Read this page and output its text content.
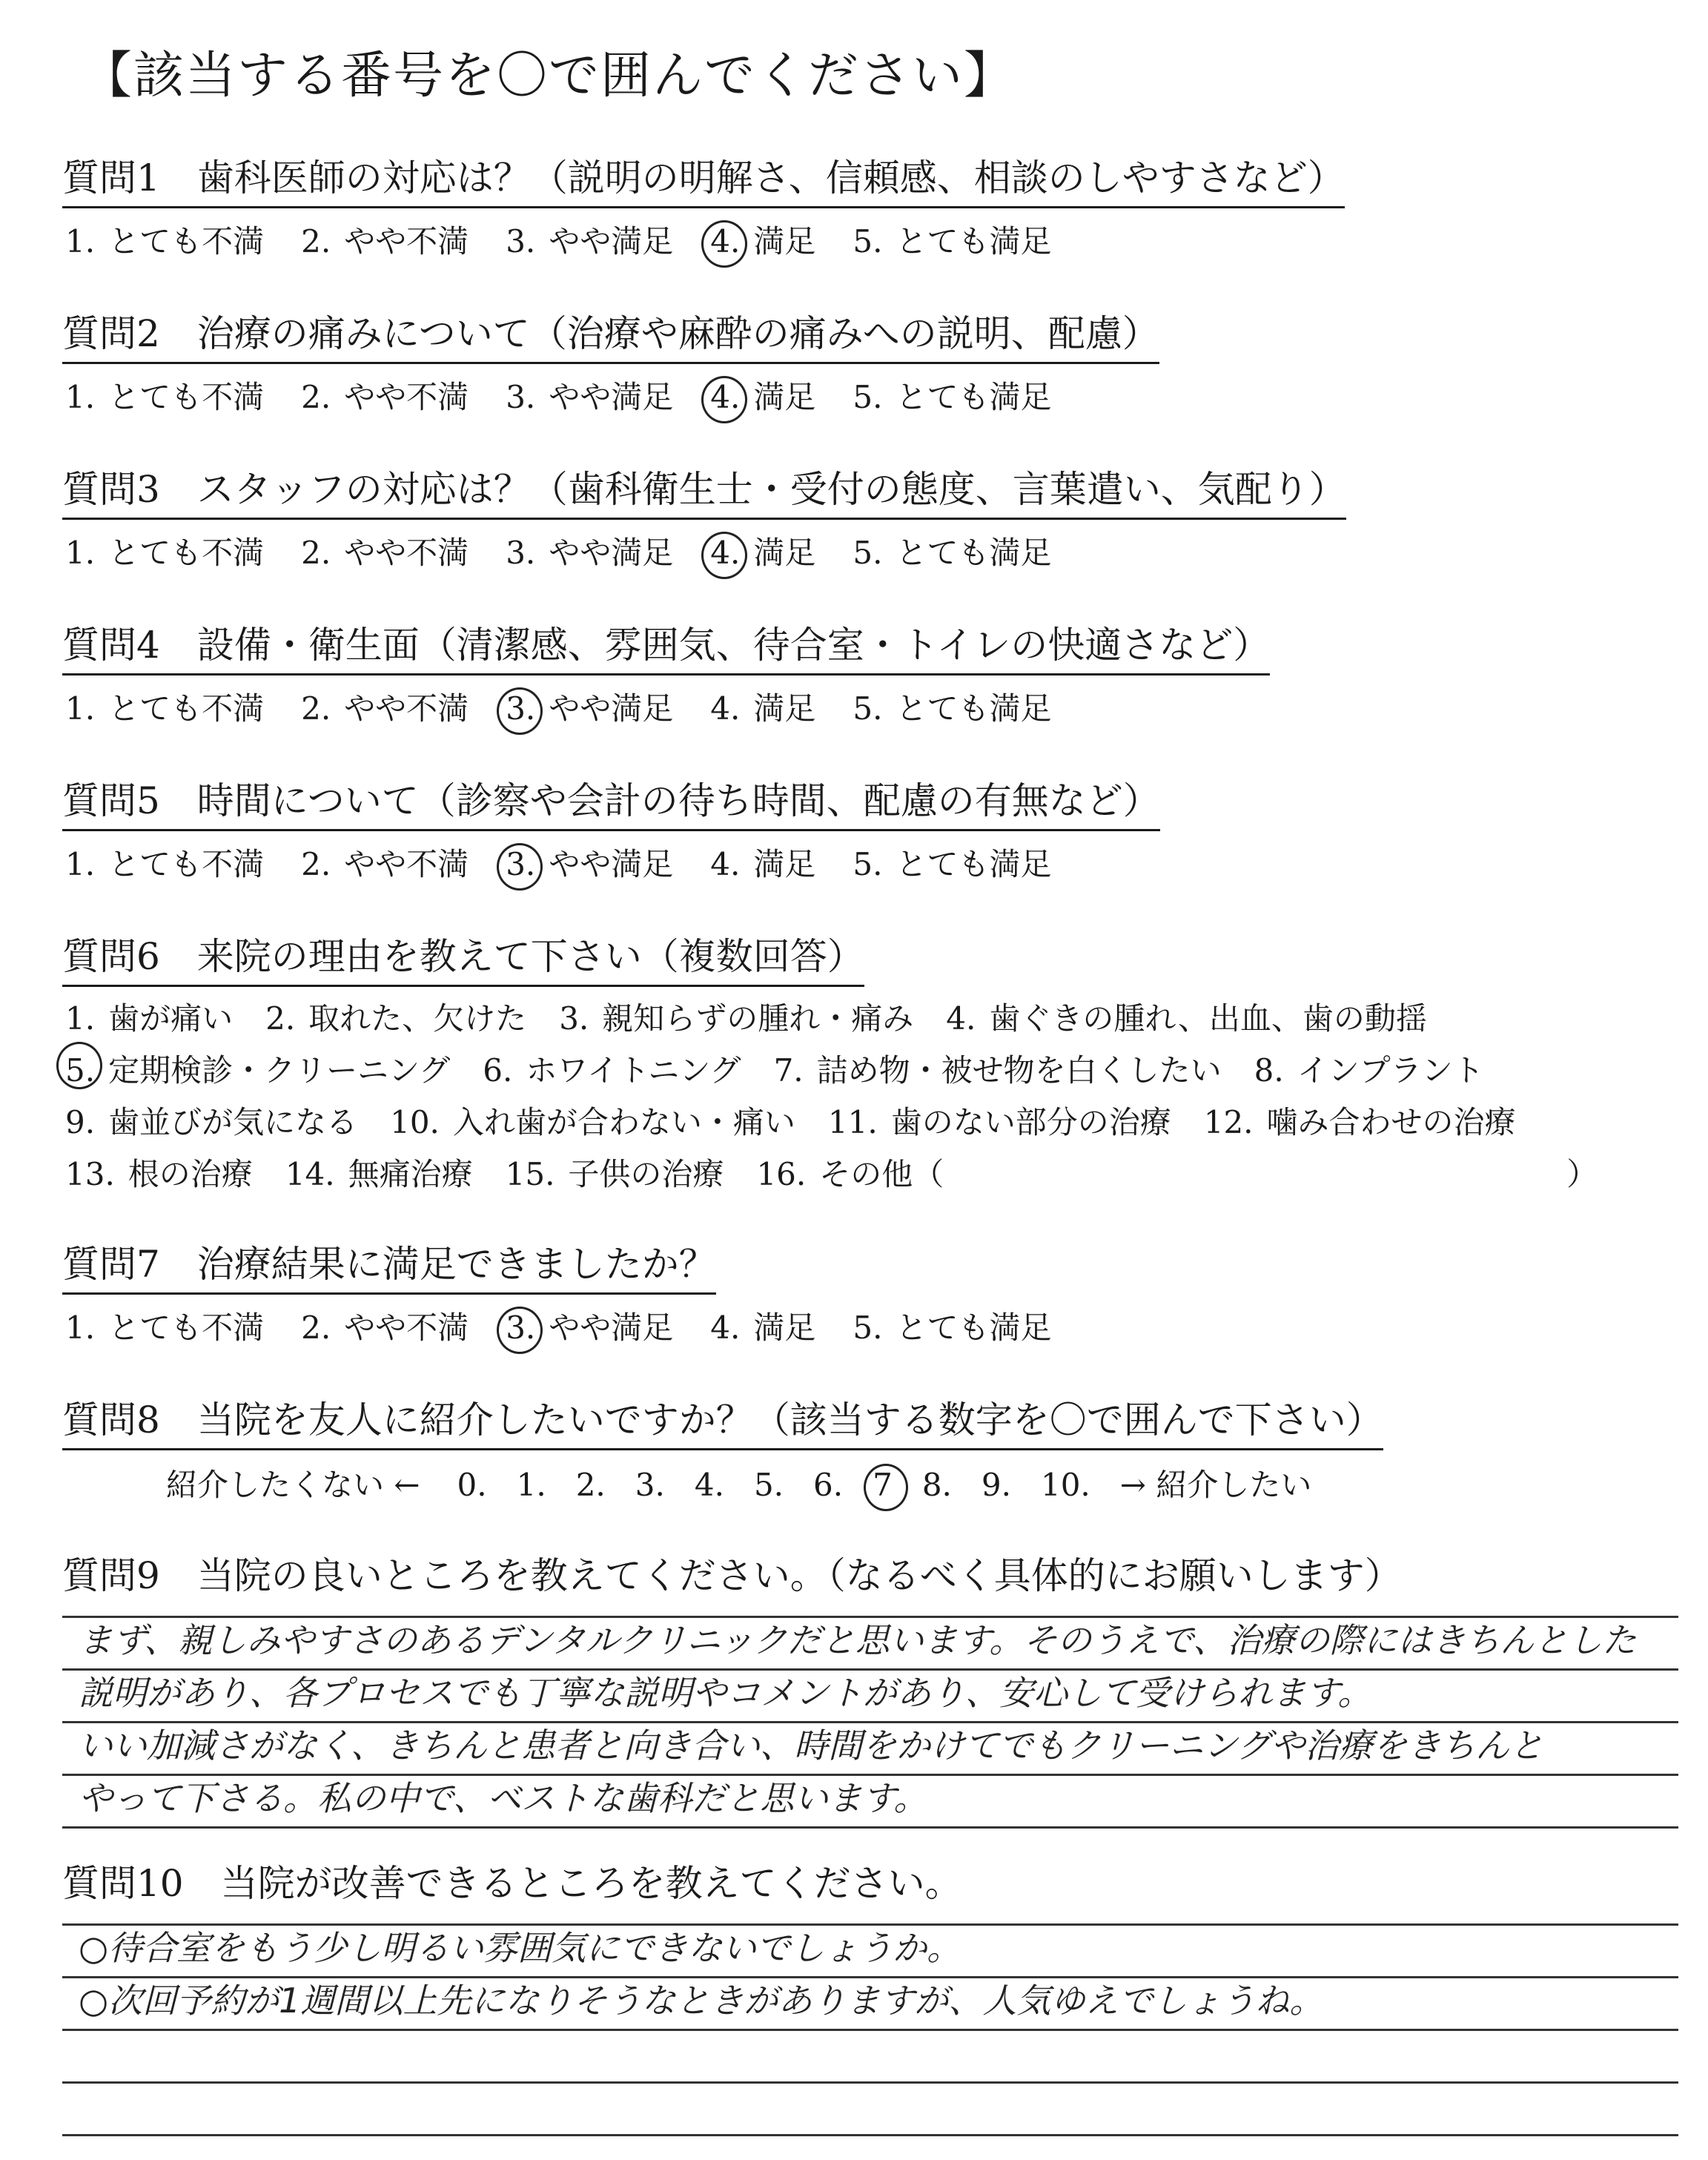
【該当する番号を〇で囲んでください】
質問1　歯科医師の対応は？（説明の明解さ、信頼感、相談のしやすさなど）
1. とても不満 2. やや不満 3. やや満足 4. 満足 5. とても満足
質問2　治療の痛みについて（治療や麻酔の痛みへの説明、配慮）
1. とても不満 2. やや不満 3. やや満足 4. 満足 5. とても満足
質問3　スタッフの対応は？（歯科衛生士・受付の態度、言葉遣い、気配り）
1. とても不満 2. やや不満 3. やや満足 4. 満足 5. とても満足
質問4　設備・衛生面（清潔感、雰囲気、待合室・トイレの快適さなど）
1. とても不満 2. やや不満 3. やや満足 4. 満足 5. とても満足
質問5　時間について（診察や会計の待ち時間、配慮の有無など）
1. とても不満 2. やや不満 3. やや満足 4. 満足 5. とても満足
質問6　来院の理由を教えて下さい（複数回答）
1. 歯が痛い 2. 取れた、欠けた 3. 親知らずの腫れ・痛み 4. 歯ぐきの腫れ、出血、歯の動揺
5. 定期検診・クリーニング 6. ホワイトニング 7. 詰め物・被せ物を白くしたい 8. インプラント
9. 歯並びが気になる 10. 入れ歯が合わない・痛い 11. 歯のない部分の治療 12. 噛み合わせの治療
13. 根の治療 14. 無痛治療 15. 子供の治療 16. その他（	）
質問7　治療結果に満足できましたか？
1. とても不満 2. やや不満 3. やや満足 4. 満足 5. とても満足
質問8　当院を友人に紹介したいですか？（該当する数字を〇で囲んで下さい）
紹介したくない ← 0. 1. 2. 3. 4. 5. 6. 7 8. 9. 10. → 紹介したい
質問9　当院の良いところを教えてください。（なるべく具体的にお願いします）
まず、親しみやすさのあるデンタルクリニックだと思います。そのうえで、治療の際にはきちんとした
説明があり、各プロセスでも丁寧な説明やコメントがあり、安心して受けられます。
いい加減さがなく、きちんと患者と向き合い、時間をかけてでもクリーニングや治療をきちんと
やって下さる。私の中で、ベストな歯科だと思います。
質問10　当院が改善できるところを教えてください。
○待合室をもう少し明るい雰囲気にできないでしょうか。
○次回予約が1週間以上先になりそうなときがありますが、人気ゆえでしょうね。
